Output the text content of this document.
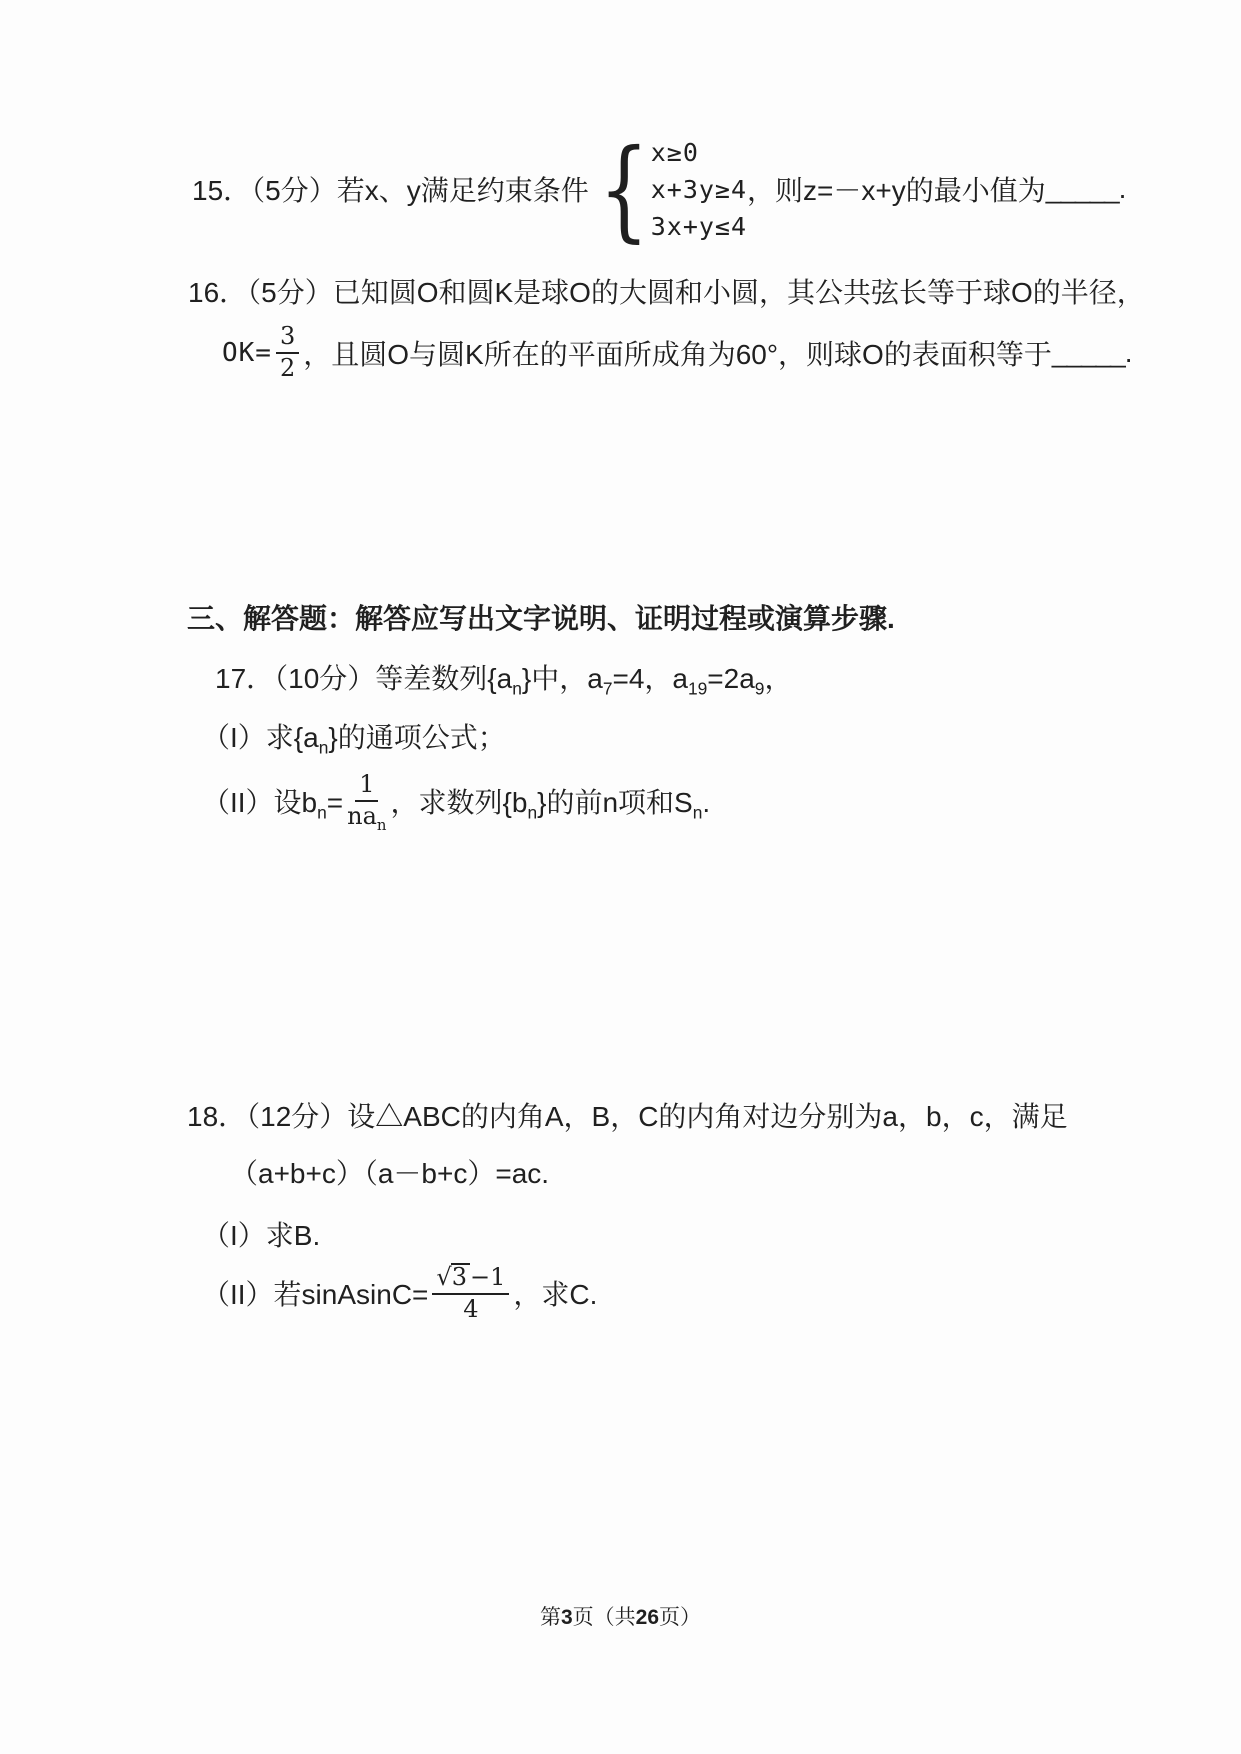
15．（5分）若x、y满足约束条件 { x≥0
x+3y≥4
3x+y≤4
，则z=－x+y的最小值为 _____ .
16．（5分）已知圆O和圆K是球O的大圆和小圆，其公共弦长等于球O的半径，
$OK= \frac{3}{2}$ ，且圆O与圆K所在的平面所成角为60°，则球O的表面积等于 _____ .
三、解答题：解答应写出文字说明、证明过程或演算步骤.
17．（10分）等差数列$\{a_n\}$中，$a_7=4$，$a_{19}=2a_9$，
（I）求$\{a_n\}$的通项公式；
（II）设$b_n= \frac{1}{na_n}$ ，求数列$\{b_n\}$的前n项和$S_n$.
18．（12分）设△ABC的内角A，B，C的内角对边分别为a，b，c，满足
（a+b+c）（a－b+c）=ac.
（I）求B.
（II）若sinAsinC= $\frac{√3 -1}{4}$ ，求C.
第3页（共26页）
